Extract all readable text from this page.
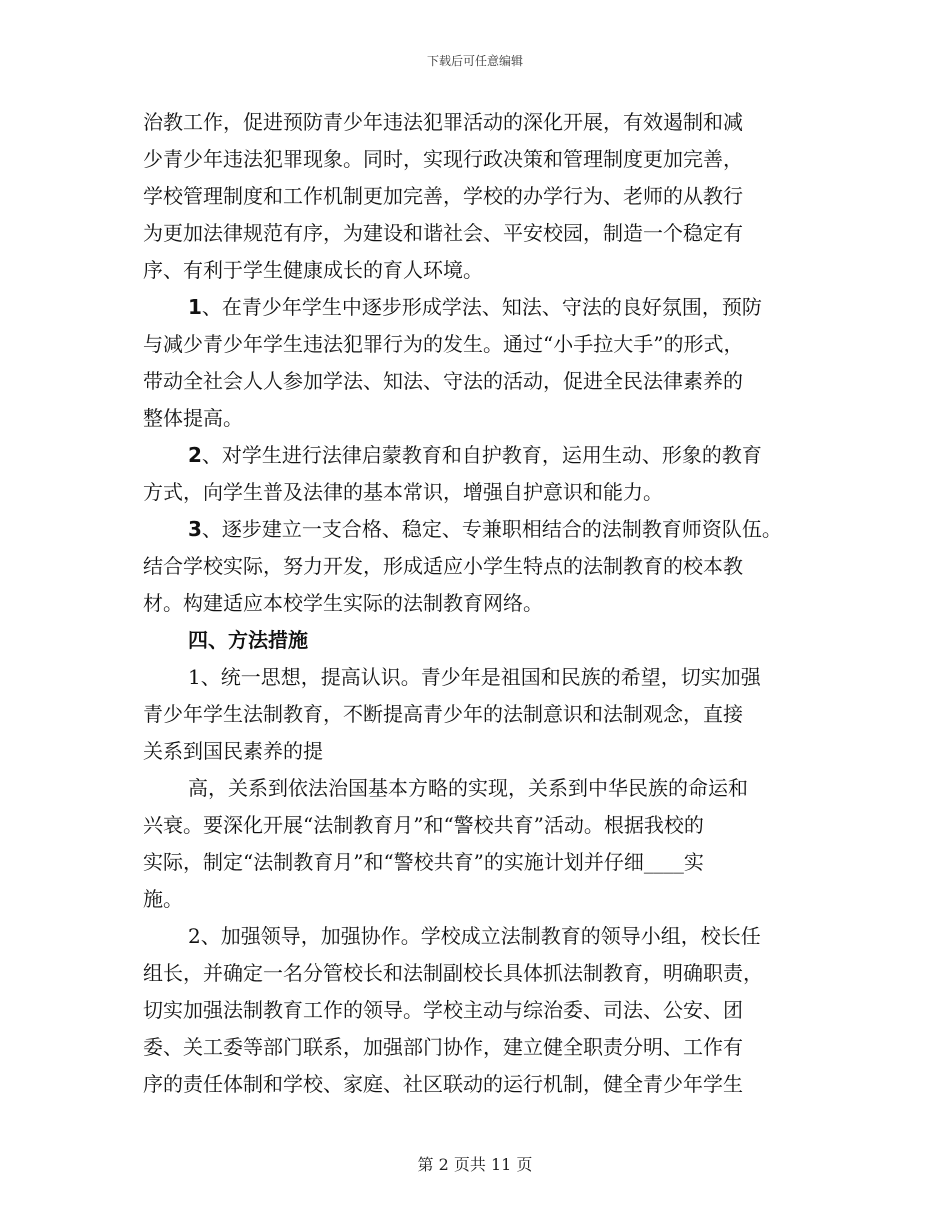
下载后可任意编辑
治教工作，促进预防青少年违法犯罪活动的深化开展，有效遏制和减
少青少年违法犯罪现象。同时，实现行政决策和管理制度更加完善，
学校管理制度和工作机制更加完善，学校的办学行为、老师的从教行
为更加法律规范有序，为建设和谐社会、平安校园，制造一个稳定有
序、有利于学生健康成长的育人环境。
1、在青少年学生中逐步形成学法、知法、守法的良好氛围，预防
与减少青少年学生违法犯罪行为的发生。通过“小手拉大手”的形式，
带动全社会人人参加学法、知法、守法的活动，促进全民法律素养的
整体提高。
2、对学生进行法律启蒙教育和自护教育，运用生动、形象的教育
方式，向学生普及法律的基本常识，增强自护意识和能力。
3、逐步建立一支合格、稳定、专兼职相结合的法制教育师资队伍。
结合学校实际，努力开发，形成适应小学生特点的法制教育的校本教
材。构建适应本校学生实际的法制教育网络。
四、方法措施
1、统一思想，提高认识。青少年是祖国和民族的希望，切实加强
青少年学生法制教育，不断提高青少年的法制意识和法制观念，直接
关系到国民素养的提
高，关系到依法治国基本方略的实现，关系到中华民族的命运和
兴衰。要深化开展“法制教育月”和“警校共育”活动。根据我校的
实际，制定“法制教育月”和“警校共育”的实施计划并仔细____实
施。
2、加强领导，加强协作。学校成立法制教育的领导小组，校长任
组长，并确定一名分管校长和法制副校长具体抓法制教育，明确职责，
切实加强法制教育工作的领导。学校主动与综治委、司法、公安、团
委、关工委等部门联系，加强部门协作，建立健全职责分明、工作有
序的责任体制和学校、家庭、社区联动的运行机制，健全青少年学生
第 2 页共 11 页
